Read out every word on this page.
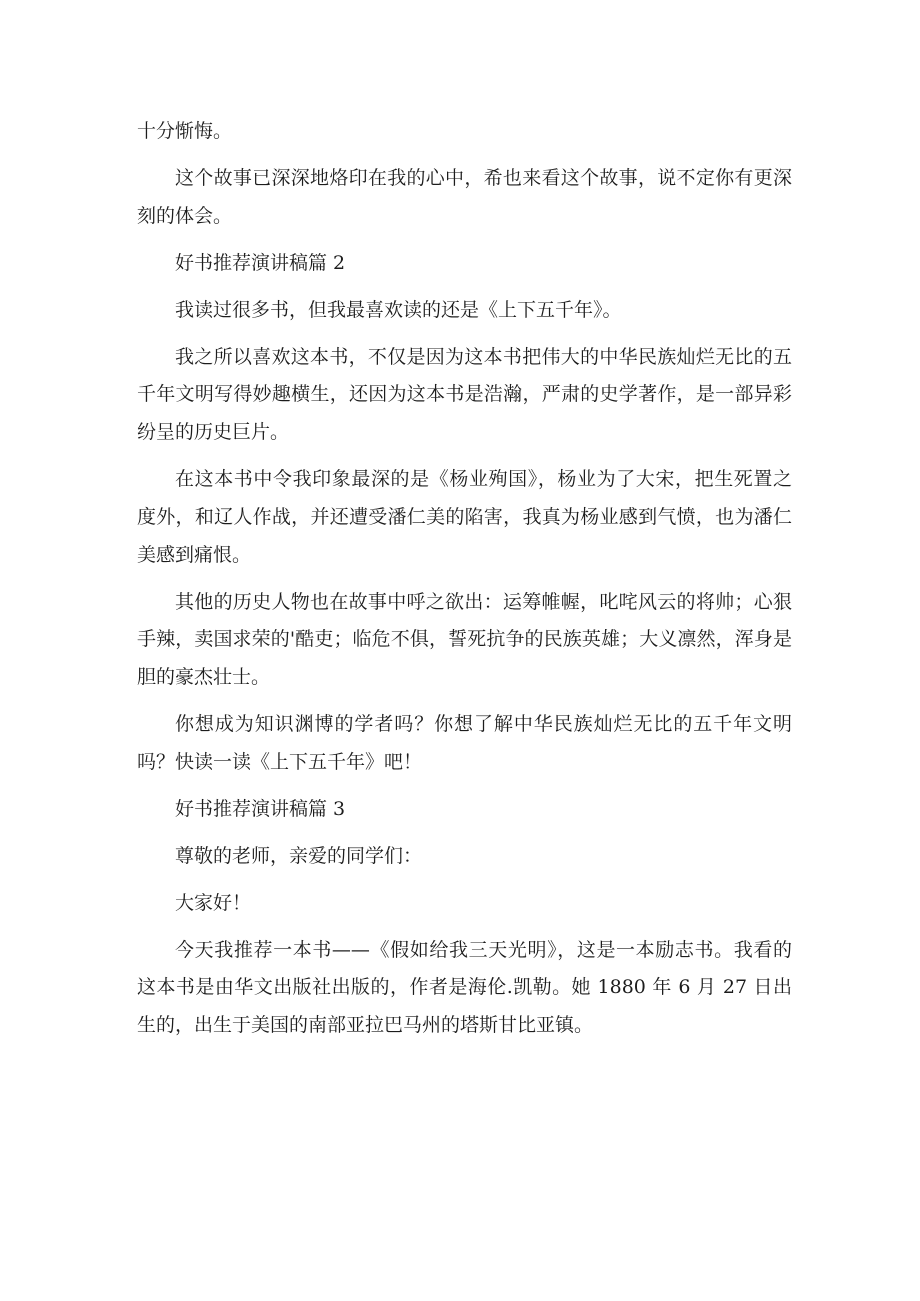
十分惭悔。

这个故事已深深地烙印在我的心中，希也来看这个故事，说不定你有更深刻的体会。

好书推荐演讲稿篇 2

我读过很多书，但我最喜欢读的还是《上下五千年》。

我之所以喜欢这本书，不仅是因为这本书把伟大的中华民族灿烂无比的五千年文明写得妙趣横生，还因为这本书是浩瀚，严肃的史学著作，是一部异彩纷呈的历史巨片。

在这本书中令我印象最深的是《杨业殉国》，杨业为了大宋，把生死置之度外，和辽人作战，并还遭受潘仁美的陷害，我真为杨业感到气愤，也为潘仁美感到痛恨。

其他的历史人物也在故事中呼之欲出：运筹帷幄，叱咤风云的将帅；心狠手辣，卖国求荣的'酷吏；临危不俱，誓死抗争的民族英雄；大义凛然，浑身是胆的豪杰壮士。

你想成为知识渊博的学者吗？你想了解中华民族灿烂无比的五千年文明吗？快读一读《上下五千年》吧！

好书推荐演讲稿篇 3

尊敬的老师，亲爱的同学们：

大家好！

今天我推荐一本书——《假如给我三天光明》，这是一本励志书。我看的这本书是由华文出版社出版的，作者是海伦.凯勒。她 1880 年 6 月 27 日出生的，出生于美国的南部亚拉巴马州的塔斯甘比亚镇。
